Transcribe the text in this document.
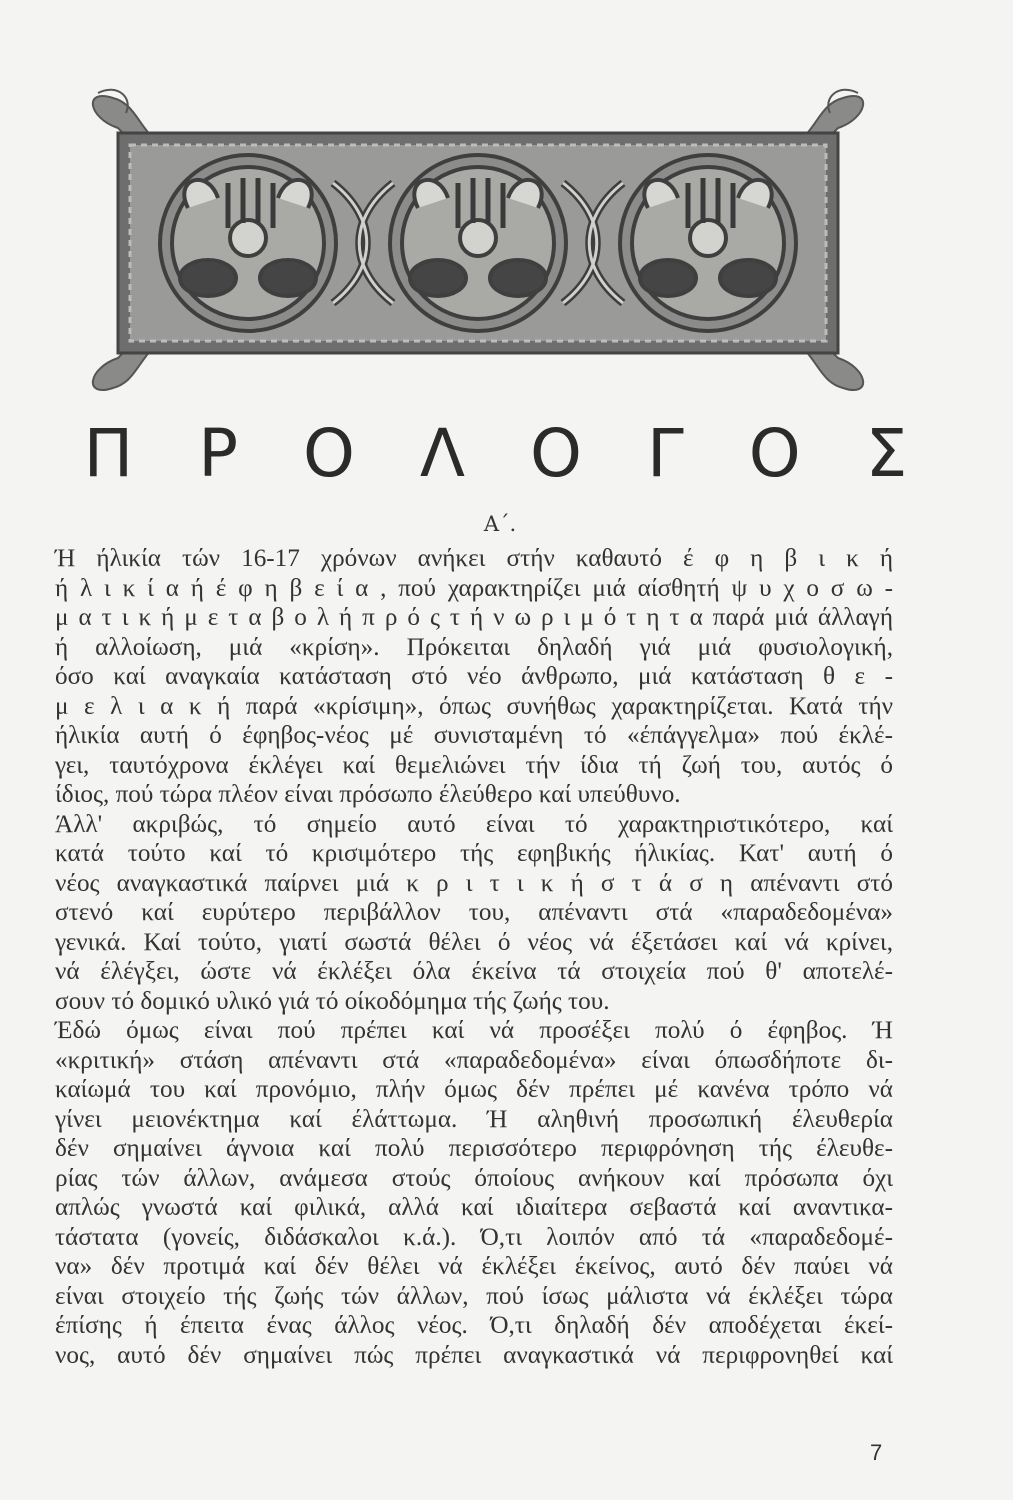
Π Ρ Ο Λ Ο Γ Ο Σ
Α΄.
Ή ήλικία τών 16-17 χρόνων ανήκει στήν καθαυτό έ φ η β ι κ ή
ή λ ι κ ί α ή έ φ η β ε ί α , πού χαρακτηρίζει μιά αίσθητή ψ υ χ ο σ ω -
μ α τ ι κ ή μ ε τ α β ο λ ή π ρ ό ς τ ή ν ω ρ ι μ ό τ η τ α παρά μιά άλλαγή
ή αλλοίωση, μιά «κρίση». Πρόκειται δηλαδή γιά μιά φυσιολογική,
όσο καί αναγκαία κατάσταση στό νέο άνθρωπο, μιά κατάσταση θ ε -
μ ε λ ι α κ ή παρά «κρίσιμη», όπως συνήθως χαρακτηρίζεται. Κατά τήν
ήλικία αυτή ό έφηβος-νέος μέ συνισταμένη τό «έπάγγελμα» πού έκλέ-
γει, ταυτόχρονα έκλέγει καί θεμελιώνει τήν ίδια τή ζωή του, αυτός ό
ίδιος, πού τώρα πλέον είναι πρόσωπο έλεύθερο καί υπεύθυνο.
Άλλ' ακριβώς, τό σημείο αυτό είναι τό χαρακτηριστικότερο, καί
κατά τούτο καί τό κρισιμότερο τής εφηβικής ήλικίας. Κατ' αυτή ό
νέος αναγκαστικά παίρνει μιά κ ρ ι τ ι κ ή σ τ ά σ η απέναντι στό
στενό καί ευρύτερο περιβάλλον του, απέναντι στά «παραδεδομένα»
γενικά. Καί τούτο, γιατί σωστά θέλει ό νέος νά έξετάσει καί νά κρίνει,
νά έλέγξει, ώστε νά έκλέξει όλα έκείνα τά στοιχεία πού θ' αποτελέ-
σουν τό δομικό υλικό γιά τό οίκοδόμημα τής ζωής του.
Έδώ όμως είναι πού πρέπει καί νά προσέξει πολύ ό έφηβος. Ή
«κριτική» στάση απέναντι στά «παραδεδομένα» είναι όπωσδήποτε δι-
καίωμά του καί προνόμιο, πλήν όμως δέν πρέπει μέ κανένα τρόπο νά
γίνει μειονέκτημα καί έλάττωμα. Ή αληθινή προσωπική έλευθερία
δέν σημαίνει άγνοια καί πολύ περισσότερο περιφρόνηση τής έλευθε-
ρίας τών άλλων, ανάμεσα στούς όποίους ανήκουν καί πρόσωπα όχι
απλώς γνωστά καί φιλικά, αλλά καί ιδιαίτερα σεβαστά καί αναντικα-
τάστατα (γονείς, διδάσκαλοι κ.ά.). Ό,τι λοιπόν από τά «παραδεδομέ-
να» δέν προτιμά καί δέν θέλει νά έκλέξει έκείνος, αυτό δέν παύει νά
είναι στοιχείο τής ζωής τών άλλων, πού ίσως μάλιστα νά έκλέξει τώρα
έπίσης ή έπειτα ένας άλλος νέος. Ό,τι δηλαδή δέν αποδέχεται έκεί-
νος, αυτό δέν σημαίνει πώς πρέπει αναγκαστικά νά περιφρονηθεί καί
7
